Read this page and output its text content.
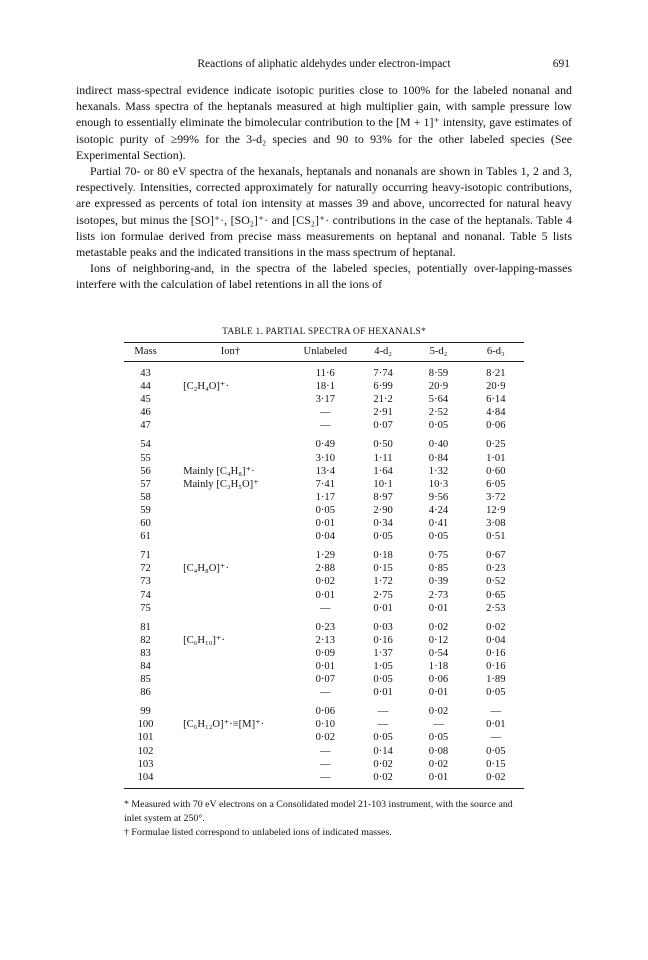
Reactions of aliphatic aldehydes under electron-impact	691

indirect mass-spectral evidence indicate isotopic purities close to 100% for the labeled nonanal and hexanals. Mass spectra of the heptanals measured at high multiplier gain, with sample pressure low enough to essentially eliminate the bimolecular contribution to the [M + 1]⁺ intensity, gave estimates of isotopic purity of ≥99% for the 3-d₂ species and 90 to 93% for the other labeled species (See Experimental Section).

Partial 70- or 80 eV spectra of the hexanals, heptanals and nonanals are shown in Tables 1, 2 and 3, respectively. Intensities, corrected approximately for naturally occurring heavy-isotopic contributions, are expressed as percents of total ion intensity at masses 39 and above, uncorrected for natural heavy isotopes, but minus the [SO]⁺·, [SO₂]⁺· and [CS₂]⁺· contributions in the case of the heptanals. Table 4 lists ion formulae derived from precise mass measurements on heptanal and nonanal. Table 5 lists metastable peaks and the indicated transitions in the mass spectrum of heptanal.

Ions of neighboring-and, in the spectra of the labeled species, potentially over-lapping-masses interfere with the calculation of label retentions in all the ions of

TABLE 1. PARTIAL SPECTRA OF HEXANALS*
Mass	Ion†	Unlabeled	4-d₂	5-d₂	6-d₃
43		11·6	7·74	8·59	8·21
44	[C₂H₄O]⁺·	18·1	6·99	20·9	20·9
45		3·17	21·2	5·64	6·14
46		—	2·91	2·52	4·84
47		—	0·07	0·05	0·06
54		0·49	0·50	0·40	0·25
55		3·10	1·11	0·84	1·01
56	Mainly [C₄H₈]⁺·	13·4	1·64	1·32	0·60
57	Mainly [C₃H₅O]⁺	7·41	10·1	10·3	6·05
58		1·17	8·97	9·56	3·72
59		0·05	2·90	4·24	12·9
60		0·01	0·34	0·41	3·08
61		0·04	0·05	0·05	0·51
71		1·29	0·18	0·75	0·67
72	[C₄H₈O]⁺·	2·88	0·15	0·85	0·23
73		0·02	1·72	0·39	0·52
74		0·01	2·75	2·73	0·65
75		—	0·01	0·01	2·53
81		0·23	0·03	0·02	0·02
82	[C₆H₁₀]⁺·	2·13	0·16	0·12	0·04
83		0·09	1·37	0·54	0·16
84		0·01	1·05	1·18	0·16
85		0·07	0·05	0·06	1·89
86		—	0·01	0·01	0·05
99		0·06	—	0·02	—
100	[C₆H₁₂O]⁺·≡[M]⁺·	0·10	—	—	0·01
101		0·02	0·05	0·05	—
102		—	0·14	0·08	0·05
103		—	0·02	0·02	0·15
104		—	0·02	0·01	0·02

* Measured with 70 eV electrons on a Consolidated model 21-103 instrument, with the source and inlet system at 250°.

† Formulae listed correspond to unlabeled ions of indicated masses.
